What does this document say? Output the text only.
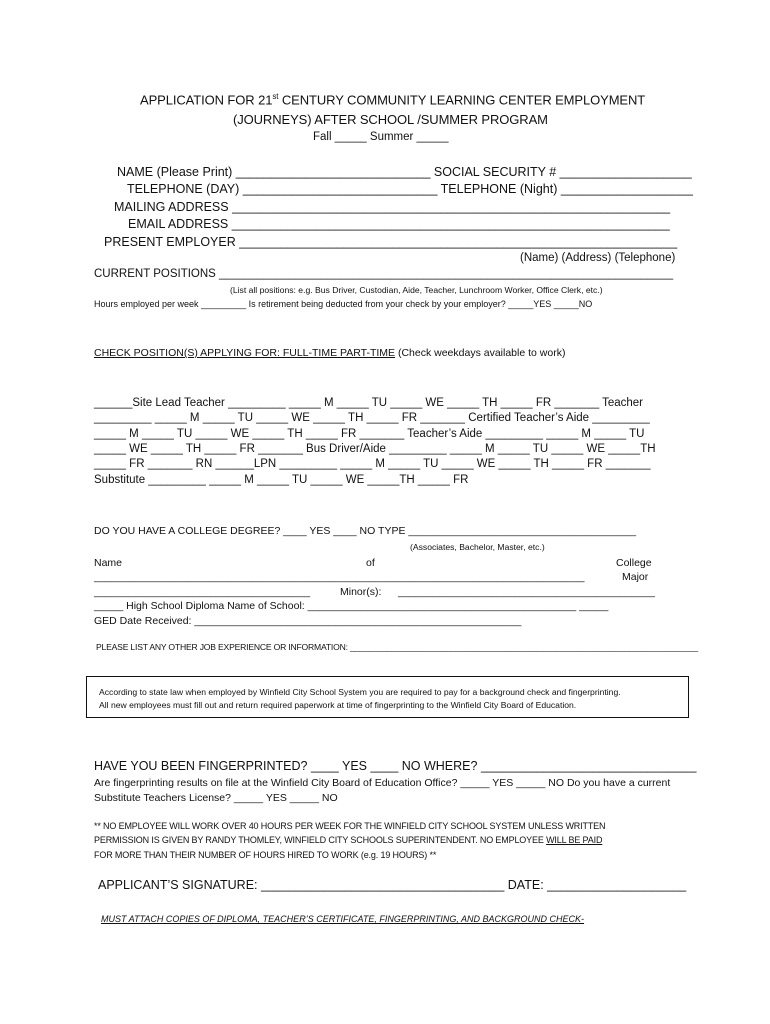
APPLICATION FOR 21st CENTURY COMMUNITY LEARNING CENTER EMPLOYMENT
(JOURNEYS) AFTER SCHOOL /SUMMER PROGRAM
Fall _____ Summer _____
NAME (Please Print) ____________________________ SOCIAL SECURITY # ___________________
TELEPHONE (DAY) ____________________________ TELEPHONE (Night) ___________________
MAILING ADDRESS _______________________________________________________________
EMAIL ADDRESS _______________________________________________________________
PRESENT EMPLOYER _______________________________________________________________
(Name) (Address) (Telephone)
CURRENT POSITIONS _______________________________________________________________________
(List all positions: e.g. Bus Driver, Custodian, Aide, Teacher, Lunchroom Worker, Office Clerk, etc.)
Hours employed per week _________ Is retirement being deducted from your check by your employer? _____YES _____NO
CHECK POSITION(S) APPLYING FOR: FULL-TIME PART-TIME (Check weekdays available to work)
______Site Lead Teacher _________ _____ M _____ TU _____ WE _____ TH _____ FR _______ Teacher
_________ _____ M _____ TU _____ WE _____ TH _____ FR _______ Certified Teacher’s Aide _________
_____ M _____ TU _____ WE _____ TH _____ FR _______ Teacher’s Aide _________ _____ M _____ TU
_____ WE _____ TH _____ FR _______ Bus Driver/Aide _________ _____ M _____ TU _____ WE _____TH
_____ FR _______ RN ______LPN _________ _____ M _____ TU _____ WE _____ TH _____ FR _______
Substitute _________ _____ M _____ TU _____ WE _____TH _____ FR
DO YOU HAVE A COLLEGE DEGREE? ____ YES ____ NO TYPE _______________________________________
(Associates, Bachelor, Master, etc.)
Name	of	College
____________________________________________________________________________________	Major
_____________________________________	Minor(s): ____________________________________________
_____ High School Diploma Name of School: ______________________________________________ _____
GED Date Received: ________________________________________________________
PLEASE LIST ANY OTHER JOB EXPERIENCE OR INFORMATION: ____________________________________________________________________________
According to state law when employed by Winfield City School System you are required to pay for a background check and fingerprinting.
All new employees must fill out and return required paperwork at time of fingerprinting to the Winfield City Board of Education.
HAVE YOU BEEN FINGERPRINTED? ____ YES ____ NO WHERE? _______________________________
Are fingerprinting results on file at the Winfield City Board of Education Office? _____ YES _____ NO Do you have a current
Substitute Teachers License? _____ YES _____ NO
** NO EMPLOYEE WILL WORK OVER 40 HOURS PER WEEK FOR THE WINFIELD CITY SCHOOL SYSTEM UNLESS WRITTEN
PERMISSION IS GIVEN BY RANDY THOMLEY, WINFIELD CITY SCHOOLS SUPERINTENDENT. NO EMPLOYEE WILL BE PAID
FOR MORE THAN THEIR NUMBER OF HOURS HIRED TO WORK (e.g. 19 HOURS) **
APPLICANT’S SIGNATURE: ___________________________________ DATE: ____________________
MUST ATTACH COPIES OF DIPLOMA, TEACHER’S CERTIFICATE, FINGERPRINTING, AND BACKGROUND CHECK-
